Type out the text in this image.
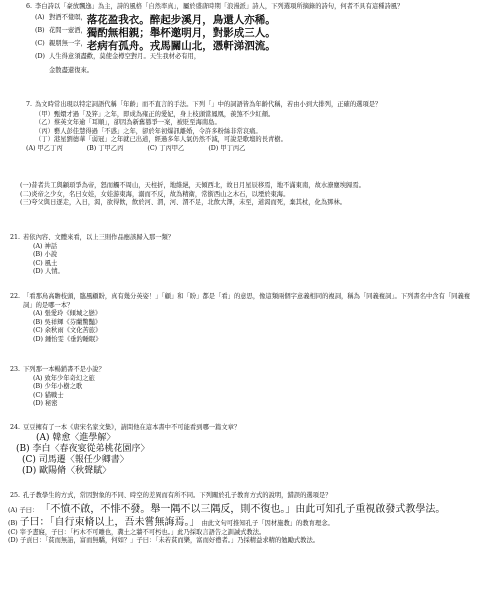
6. 李白詩以「豪放飄逸」為主，詩的風格「自然率真」，屬於盛唐時期「浪漫派」詩人，下列選項所摘錄的詩句，何者不具有這種詩風？
(A) 對酒不覺暝， 落花盈我衣。醉起步溪月，鳥還人亦稀。
(B) 花間一壺酒， 獨酌無相親；舉杯邀明月，對影成三人。
(C) 親朋無一字， 老病有孤舟。戎馬關山北，憑軒涕泗流。
(D) 人生得意須盡歡，莫使金樽空對月。天生我材必有用，
金散盡還復來。
7. 為文時常出現以特定詞語代稱「年齡」而不直言的手法。下列「」中的詞語皆為年齡代稱，若由小到大排列，正確的選項是？
（甲）甄嬛才過「及笄」之年，即成為雍正的愛妃，身上枝頭當鳳凰，羨煞不少紅顏。
（乙）蔡英文年逾「耳順」，卻因為新舊篡爭一案，被貶至海南島。
（丙）藝人彭佳慧得過「不惑」之年，卻於年初爆訊離婚，令許多粉絲非常哀痛。
（丁）港星劉德華「弱冠」之年就已出道，經過多年人氣仍然不減，可說是歌壇的長青樹。
(A) 甲乙丁丙	(B) 丁甲乙丙	(C) 丁丙甲乙	(D) 甲丁丙乙
(一)昔者共工與顓頊爭為帝，怒而觸不周山，天柱折，地維絕，天傾西北，故日月星辰移焉，地不滿東南，故水潦塵埃歸焉。
(二)炎帝之少女，名曰女娃，女娃游東海，溺而不反，故為精衛，常銜西山之木石，以堙於東海。
(三)夸父與日逐走，入日，渴，欲得飲，飲於河、渭，河、渭不足，北飲大澤，未至，道渴而死，棄其杖，化為鄧林。
21. 若依內容、文體來看，以上三則作品應該歸入那一類？
(A) 神話
(B) 小說
(C) 風土
(D) 人情。
22. 「看那鳥高瞻枝頭，臨風顧盼，真有幾分英姿！」「顧」和「盼」都是「看」的意思，像這類兩個字意義相同的複詞，稱為「同義複詞」。下列書名中含有「同義複詞」的是哪一本？
(A) 張愛玲《傾城之戀》
(B) 吳祥輝《芬蘭驚豔》
(C) 余秋雨《文化苦旅》
(D) 鍾怡雯《垂釣睡眠》
23. 下列那一本暢銷書不是小說？
(A) 致年少年奇幻之旅
(B) 少年小樹之歌
(C) 貓戰士
(D) 秘密
24. 豆豆擁有了一本《唐宋名家文集》，請問他在這本書中不可能看到哪一篇文章？
(A) 韓愈〈進學解〉
(B) 李白〈春夜宴從弟桃花園序〉
(C) 司馬遷〈報任少卿書〉
(D) 歐陽脩〈秋聲賦〉
25. 孔子教學生的方式，常因對象的不同、時空的差異而有所不同。下列關於孔子教育方式的說明，錯誤的選項是？
(A) 子曰： 「不憤不啟，不悱不發。舉一隅不以三隅反，則不復也。」由此可知孔子重視啟發式教學法。
(B) 子曰：「自行束脩以上，吾未嘗無誨焉。」 由此文句可推知孔子「因材施教」的教育理念。
(C) 宰予晝寢，子曰：「朽木不可雕也，糞土之牆不可杇也。」此乃採取言語告之訓誡式教法。
(D) 子貢曰：「貧而無諂，富而無驕，何如？」子曰：「未若貧而樂，富而好禮者。」乃採精益求精的勉勵式教法。
